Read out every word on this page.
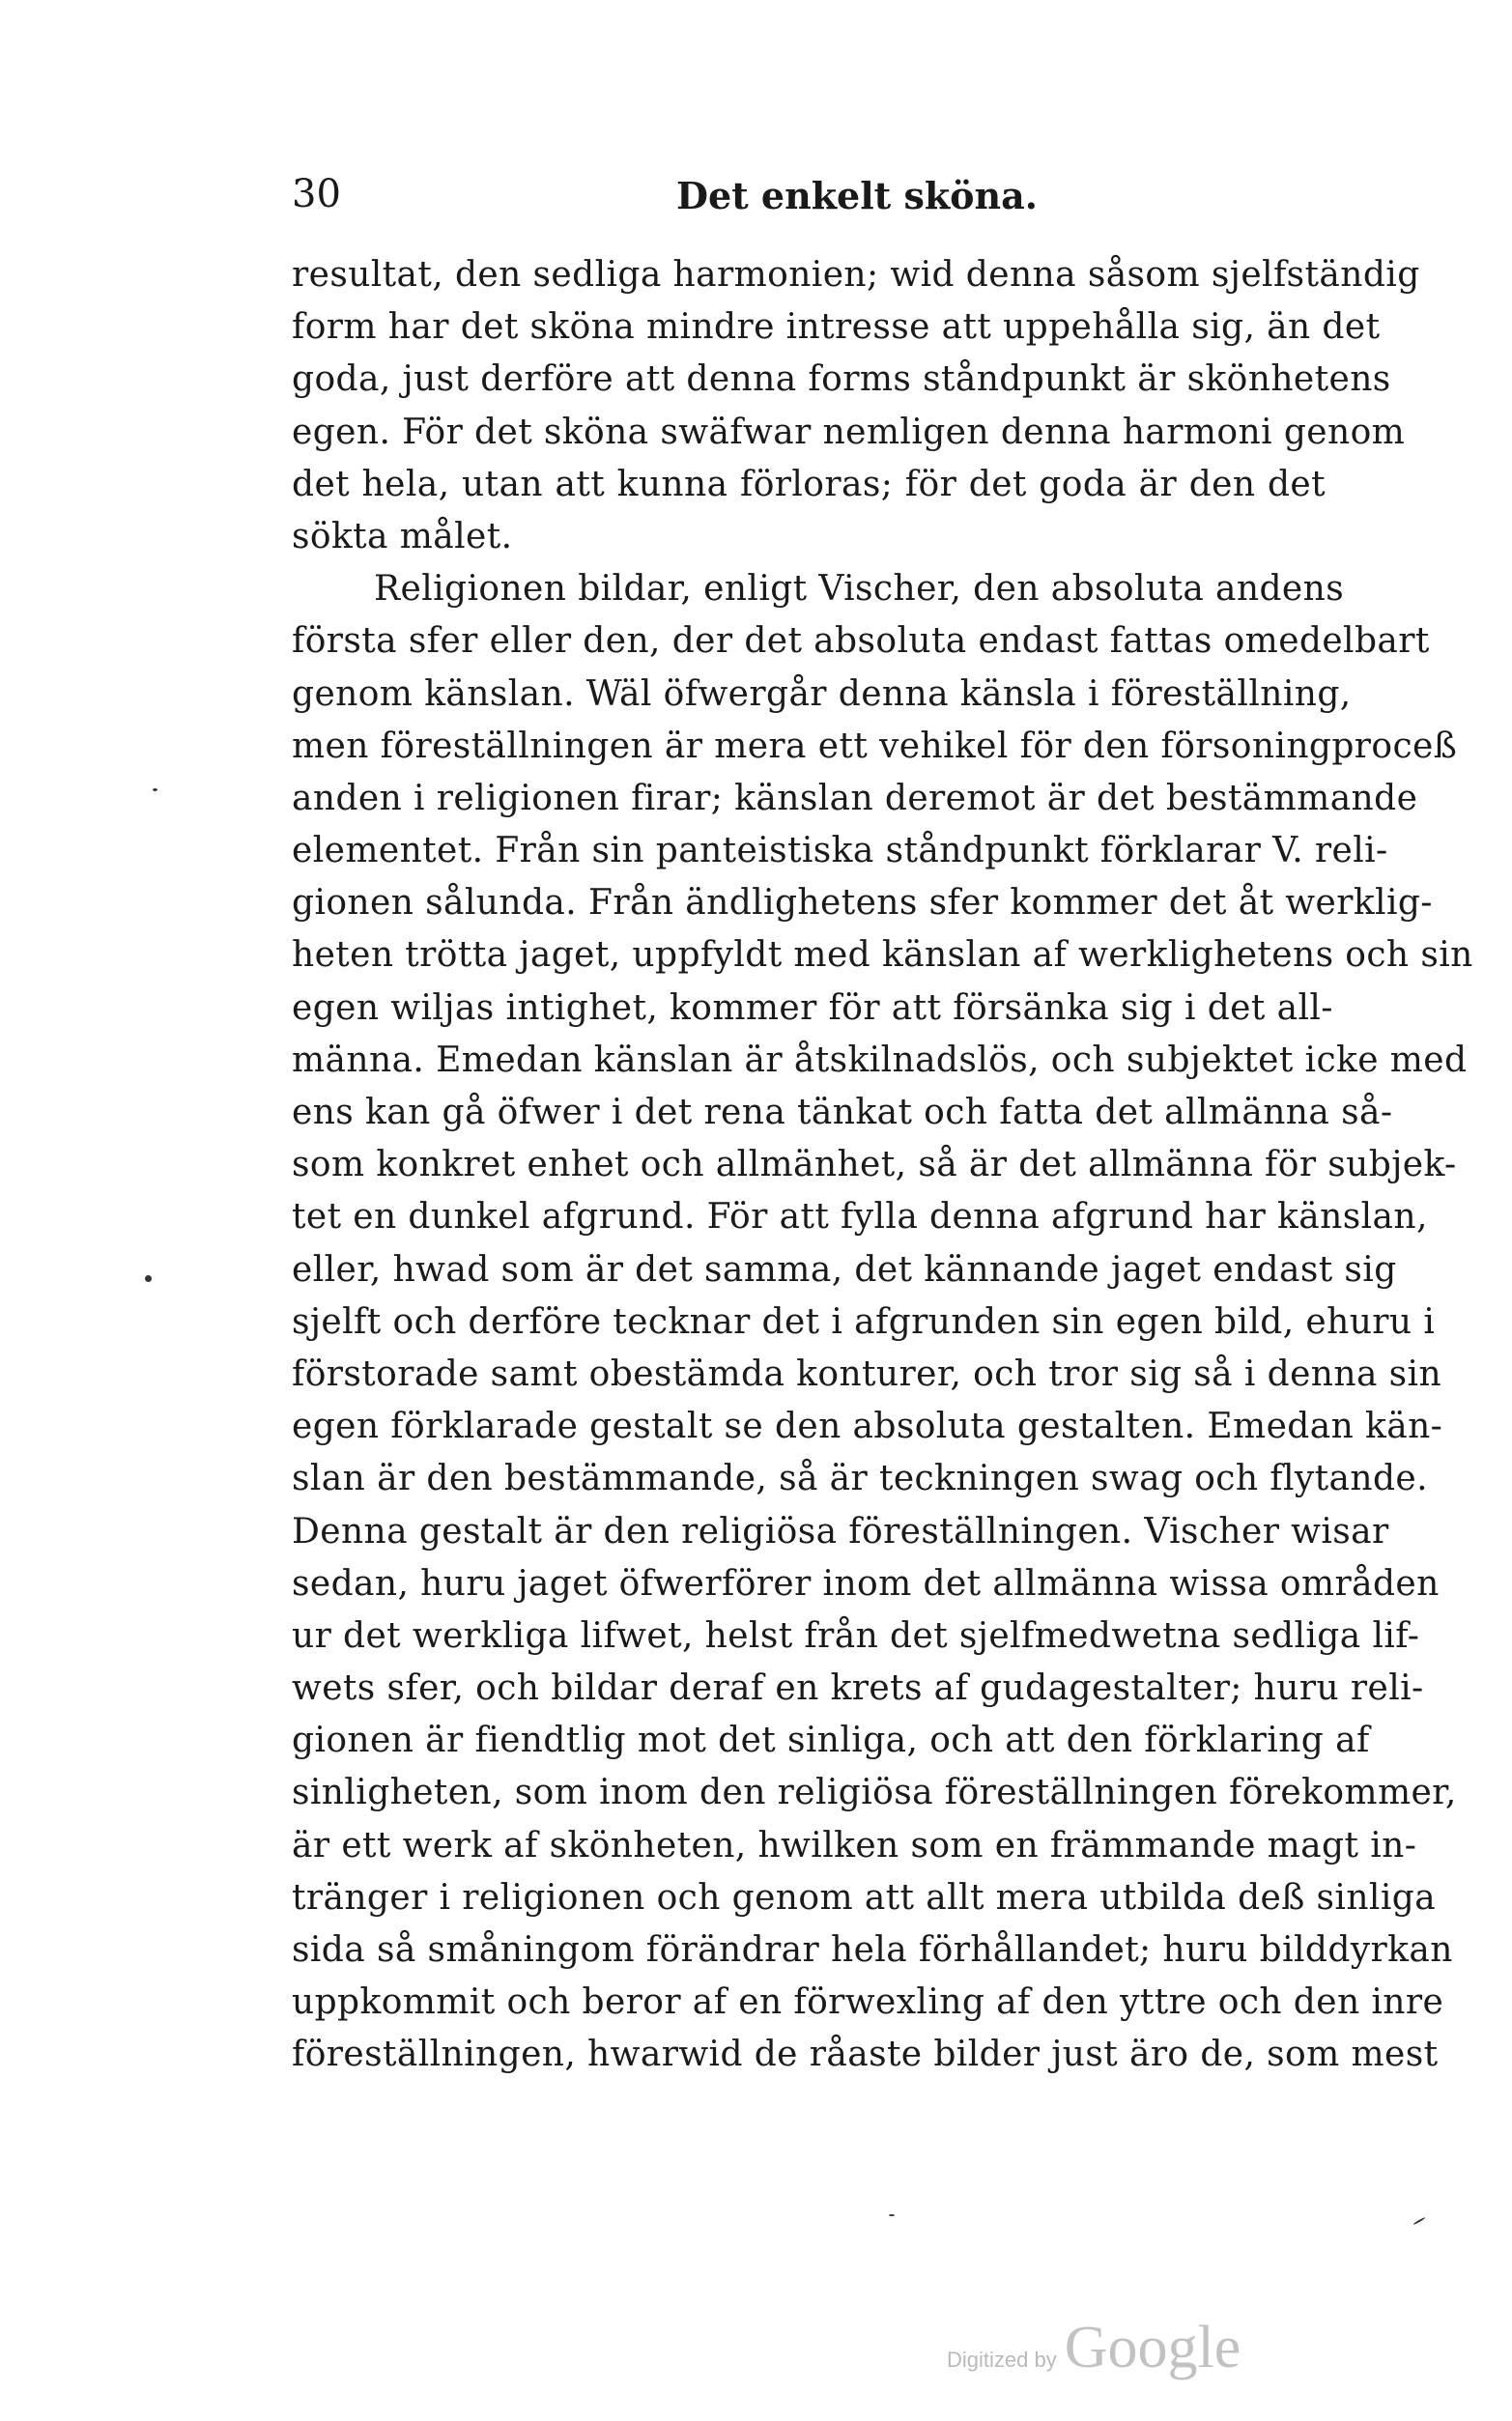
30	Det enkelt sköna.
resultat, den sedliga harmonien; wid denna såsom sjelfständig
form har det sköna mindre intresse att uppehålla sig, än det
goda, just derföre att denna forms ståndpunkt är skönhetens
egen. För det sköna swäfwar nemligen denna harmoni genom
det hela, utan att kunna förloras; för det goda är den det
sökta målet.
Religionen bildar, enligt Vischer, den absoluta andens
första sfer eller den, der det absoluta endast fattas omedelbart
genom känslan. Wäl öfwergår denna känsla i föreställning,
men föreställningen är mera ett vehikel för den försoningproceß
anden i religionen firar; känslan deremot är det bestämmande
elementet. Från sin panteistiska ståndpunkt förklarar V. reli-
gionen sålunda. Från ändlighetens sfer kommer det åt werklig-
heten trötta jaget, uppfyldt med känslan af werklighetens och sin
egen wiljas intighet, kommer för att försänka sig i det all-
männa. Emedan känslan är åtskilnadslös, och subjektet icke med
ens kan gå öfwer i det rena tänkat och fatta det allmänna så-
som konkret enhet och allmänhet, så är det allmänna för subjek-
tet en dunkel afgrund. För att fylla denna afgrund har känslan,
eller, hwad som är det samma, det kännande jaget endast sig
sjelft och derföre tecknar det i afgrunden sin egen bild, ehuru i
förstorade samt obestämda konturer, och tror sig så i denna sin
egen förklarade gestalt se den absoluta gestalten. Emedan kän-
slan är den bestämmande, så är teckningen swag och flytande.
Denna gestalt är den religiösa föreställningen. Vischer wisar
sedan, huru jaget öfwerförer inom det allmänna wissa områden
ur det werkliga lifwet, helst från det sjelfmedwetna sedliga lif-
wets sfer, och bildar deraf en krets af gudagestalter; huru reli-
gionen är fiendtlig mot det sinliga, och att den förklaring af
sinligheten, som inom den religiösa föreställningen förekommer,
är ett werk af skönheten, hwilken som en främmande magt in-
tränger i religionen och genom att allt mera utbilda deß sinliga
sida så småningom förändrar hela förhållandet; huru bilddyrkan
uppkommit och beror af en förwexling af den yttre och den inre
föreställningen, hwarwid de råaste bilder just äro de, som mest
Digitized by Google
